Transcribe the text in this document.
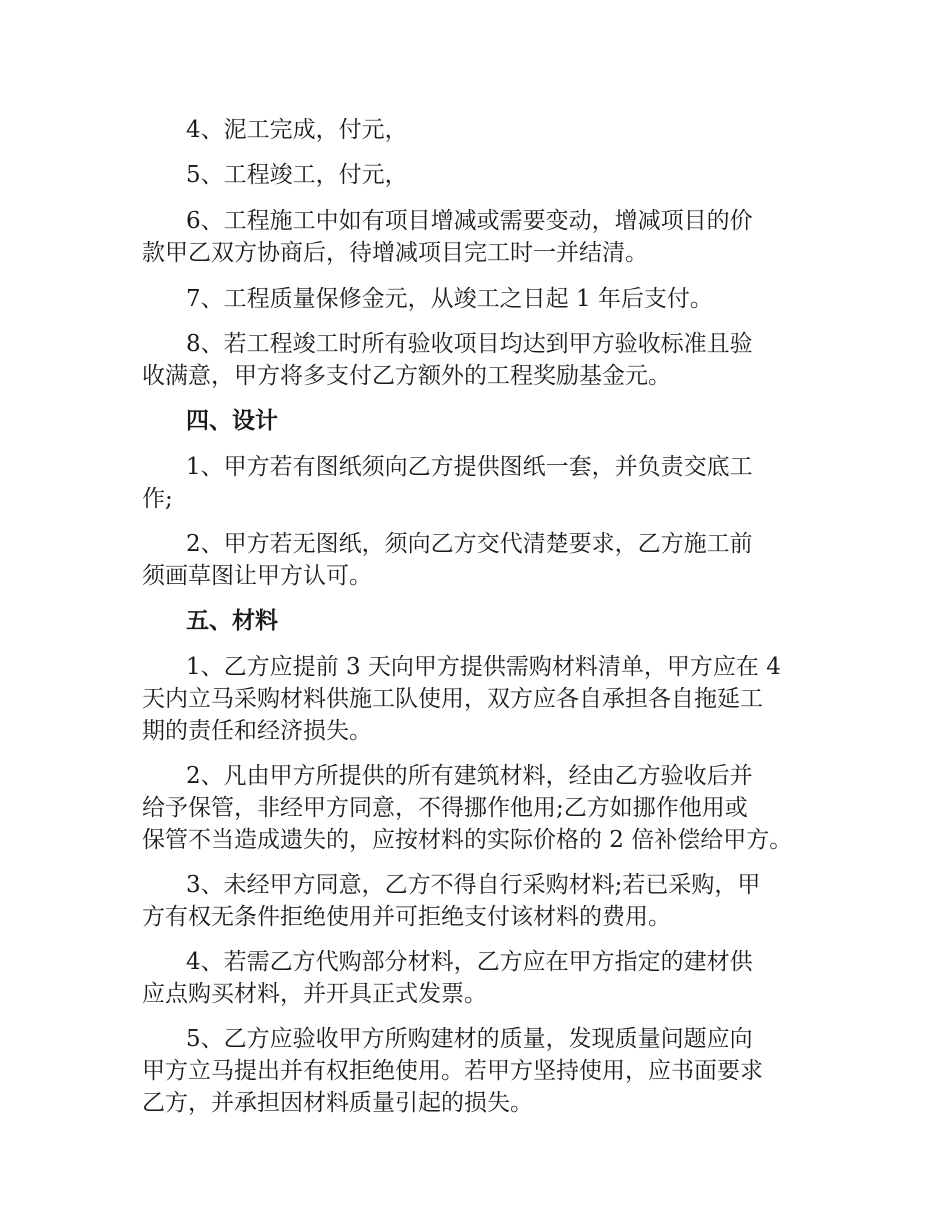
4、泥工完成，付元，
5、工程竣工，付元，
6、工程施工中如有项目增减或需要变动，增减项目的价
款甲乙双方协商后，待增减项目完工时一并结清。
7、工程质量保修金元，从竣工之日起 1 年后支付。
8、若工程竣工时所有验收项目均达到甲方验收标准且验
收满意，甲方将多支付乙方额外的工程奖励基金元。
四、设计
1、甲方若有图纸须向乙方提供图纸一套，并负责交底工
作;
2、甲方若无图纸，须向乙方交代清楚要求，乙方施工前
须画草图让甲方认可。
五、材料
1、乙方应提前 3 天向甲方提供需购材料清单，甲方应在 4
天内立马采购材料供施工队使用，双方应各自承担各自拖延工
期的责任和经济损失。
2、凡由甲方所提供的所有建筑材料，经由乙方验收后并
给予保管，非经甲方同意，不得挪作他用;乙方如挪作他用或
保管不当造成遗失的，应按材料的实际价格的 2 倍补偿给甲方。
3、未经甲方同意，乙方不得自行采购材料;若已采购，甲
方有权无条件拒绝使用并可拒绝支付该材料的费用。
4、若需乙方代购部分材料，乙方应在甲方指定的建材供
应点购买材料，并开具正式发票。
5、乙方应验收甲方所购建材的质量，发现质量问题应向
甲方立马提出并有权拒绝使用。若甲方坚持使用，应书面要求
乙方，并承担因材料质量引起的损失。
